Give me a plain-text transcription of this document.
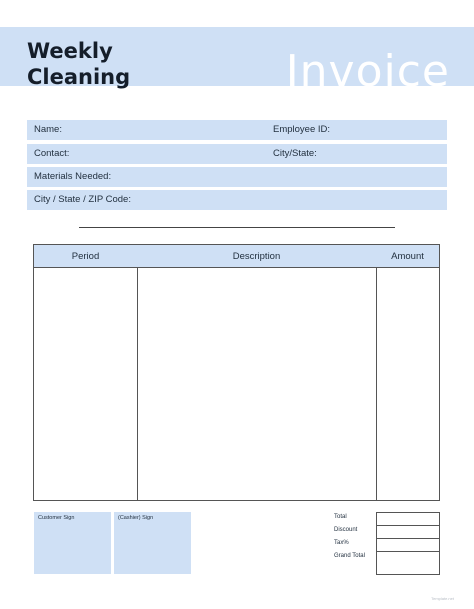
Weekly
Cleaning	Invoice
Name:	Employee ID:
Contact:	City/State:
Materials Needed:
City / State / ZIP Code:
Period	Description	Amount
Customer Sign	(Cashier) Sign	Total
Discount
Tax%
Grand Total
Template.net
